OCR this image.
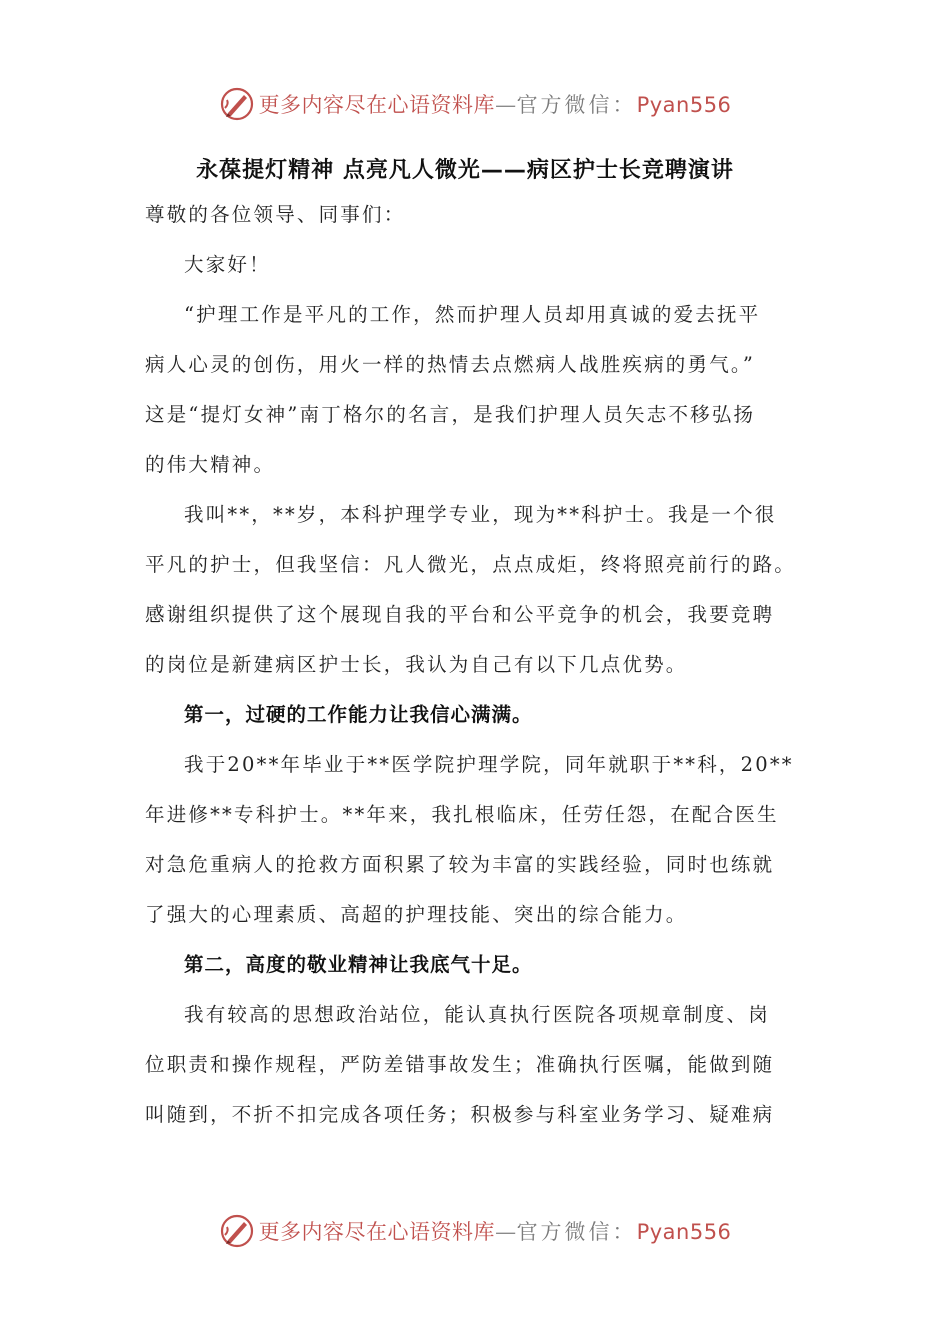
更多内容尽在心语资料库—官方微信：Pyan556
永葆提灯精神 点亮凡人微光——病区护士长竞聘演讲

尊敬的各位领导、同事们：

大家好！

“护理工作是平凡的工作，然而护理人员却用真诚的爱去抚平

病人心灵的创伤，用火一样的热情去点燃病人战胜疾病的勇气。”

这是“提灯女神”南丁格尔的名言，是我们护理人员矢志不移弘扬

的伟大精神。

我叫**，**岁，本科护理学专业，现为**科护士。我是一个很

平凡的护士，但我坚信：凡人微光，点点成炬，终将照亮前行的路。

感谢组织提供了这个展现自我的平台和公平竞争的机会，我要竞聘

的岗位是新建病区护士长，我认为自己有以下几点优势。

第一，过硬的工作能力让我信心满满。

我于20**年毕业于**医学院护理学院，同年就职于**科，20**

年进修**专科护士。**年来，我扎根临床，任劳任怨，在配合医生

对急危重病人的抢救方面积累了较为丰富的实践经验，同时也练就

了强大的心理素质、高超的护理技能、突出的综合能力。

第二，高度的敬业精神让我底气十足。

我有较高的思想政治站位，能认真执行医院各项规章制度、岗

位职责和操作规程，严防差错事故发生；准确执行医嘱，能做到随

叫随到，不折不扣完成各项任务；积极参与科室业务学习、疑难病

更多内容尽在心语资料库—官方微信：Pyan556
